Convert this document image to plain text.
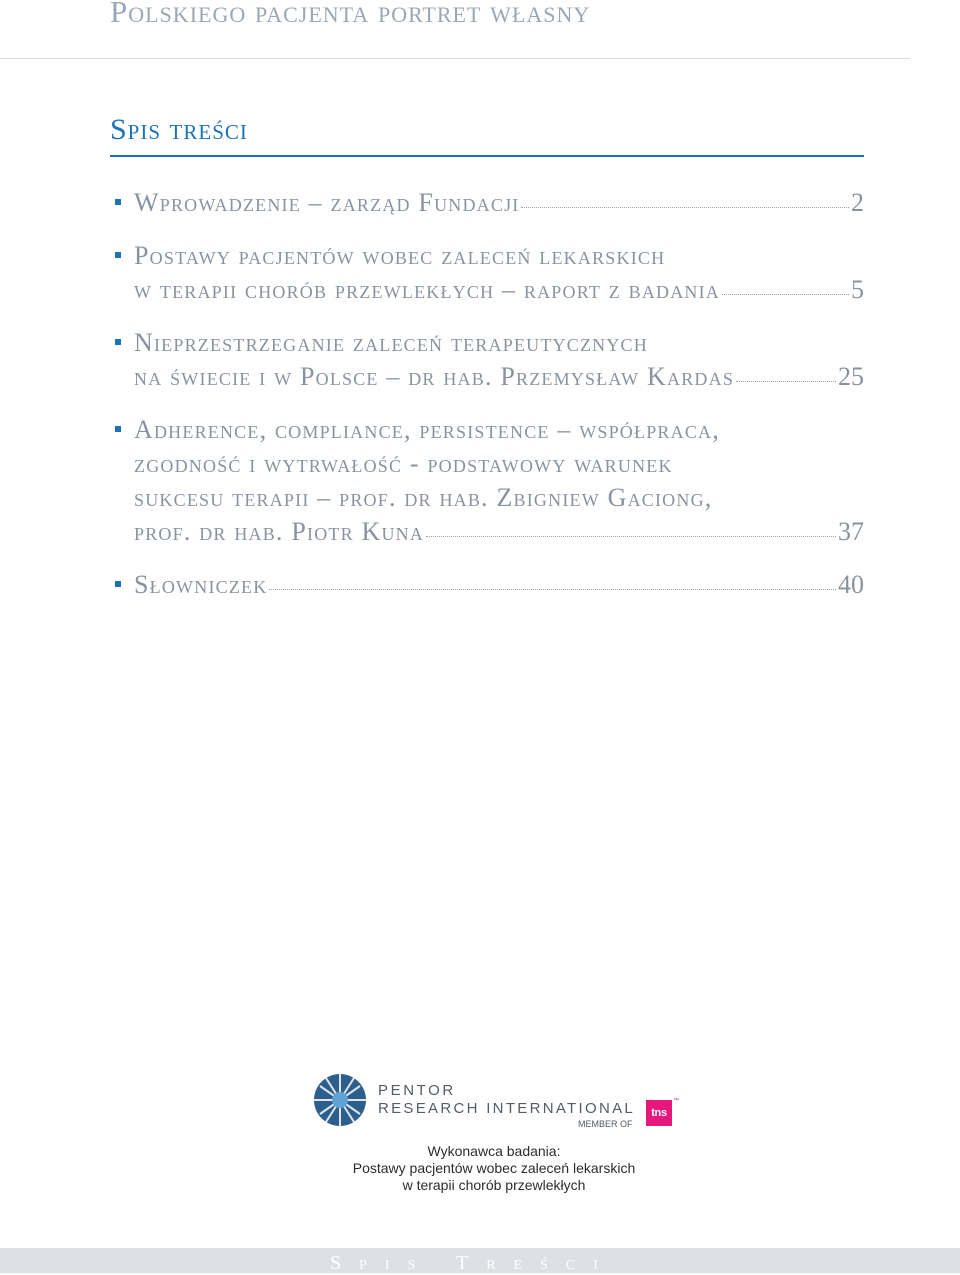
Polskiego pacjenta portret własny
Spis treści
Wprowadzenie – zarząd Fundacji	2
Postawy pacjentów wobec zaleceń lekarskich
w terapii chorób przewlekłych – raport z badania	5
Nieprzestrzeganie zaleceń terapeutycznych
na świecie i w Polsce – dr hab. Przemysław Kardas	25
Adherence, compliance, persistence – współpraca,
zgodność i wytrwałość - podstawowy warunek
sukcesu terapii – prof. dr hab. Zbigniew Gaciong,
prof. dr hab. Piotr Kuna	37
Słowniczek	40
PENTOR
RESEARCH INTERNATIONAL
MEMBER OF
tns
™
Wykonawca badania:
Postawy pacjentów wobec zaleceń lekarskich
w terapii chorób przewlekłych
Spis Treści
